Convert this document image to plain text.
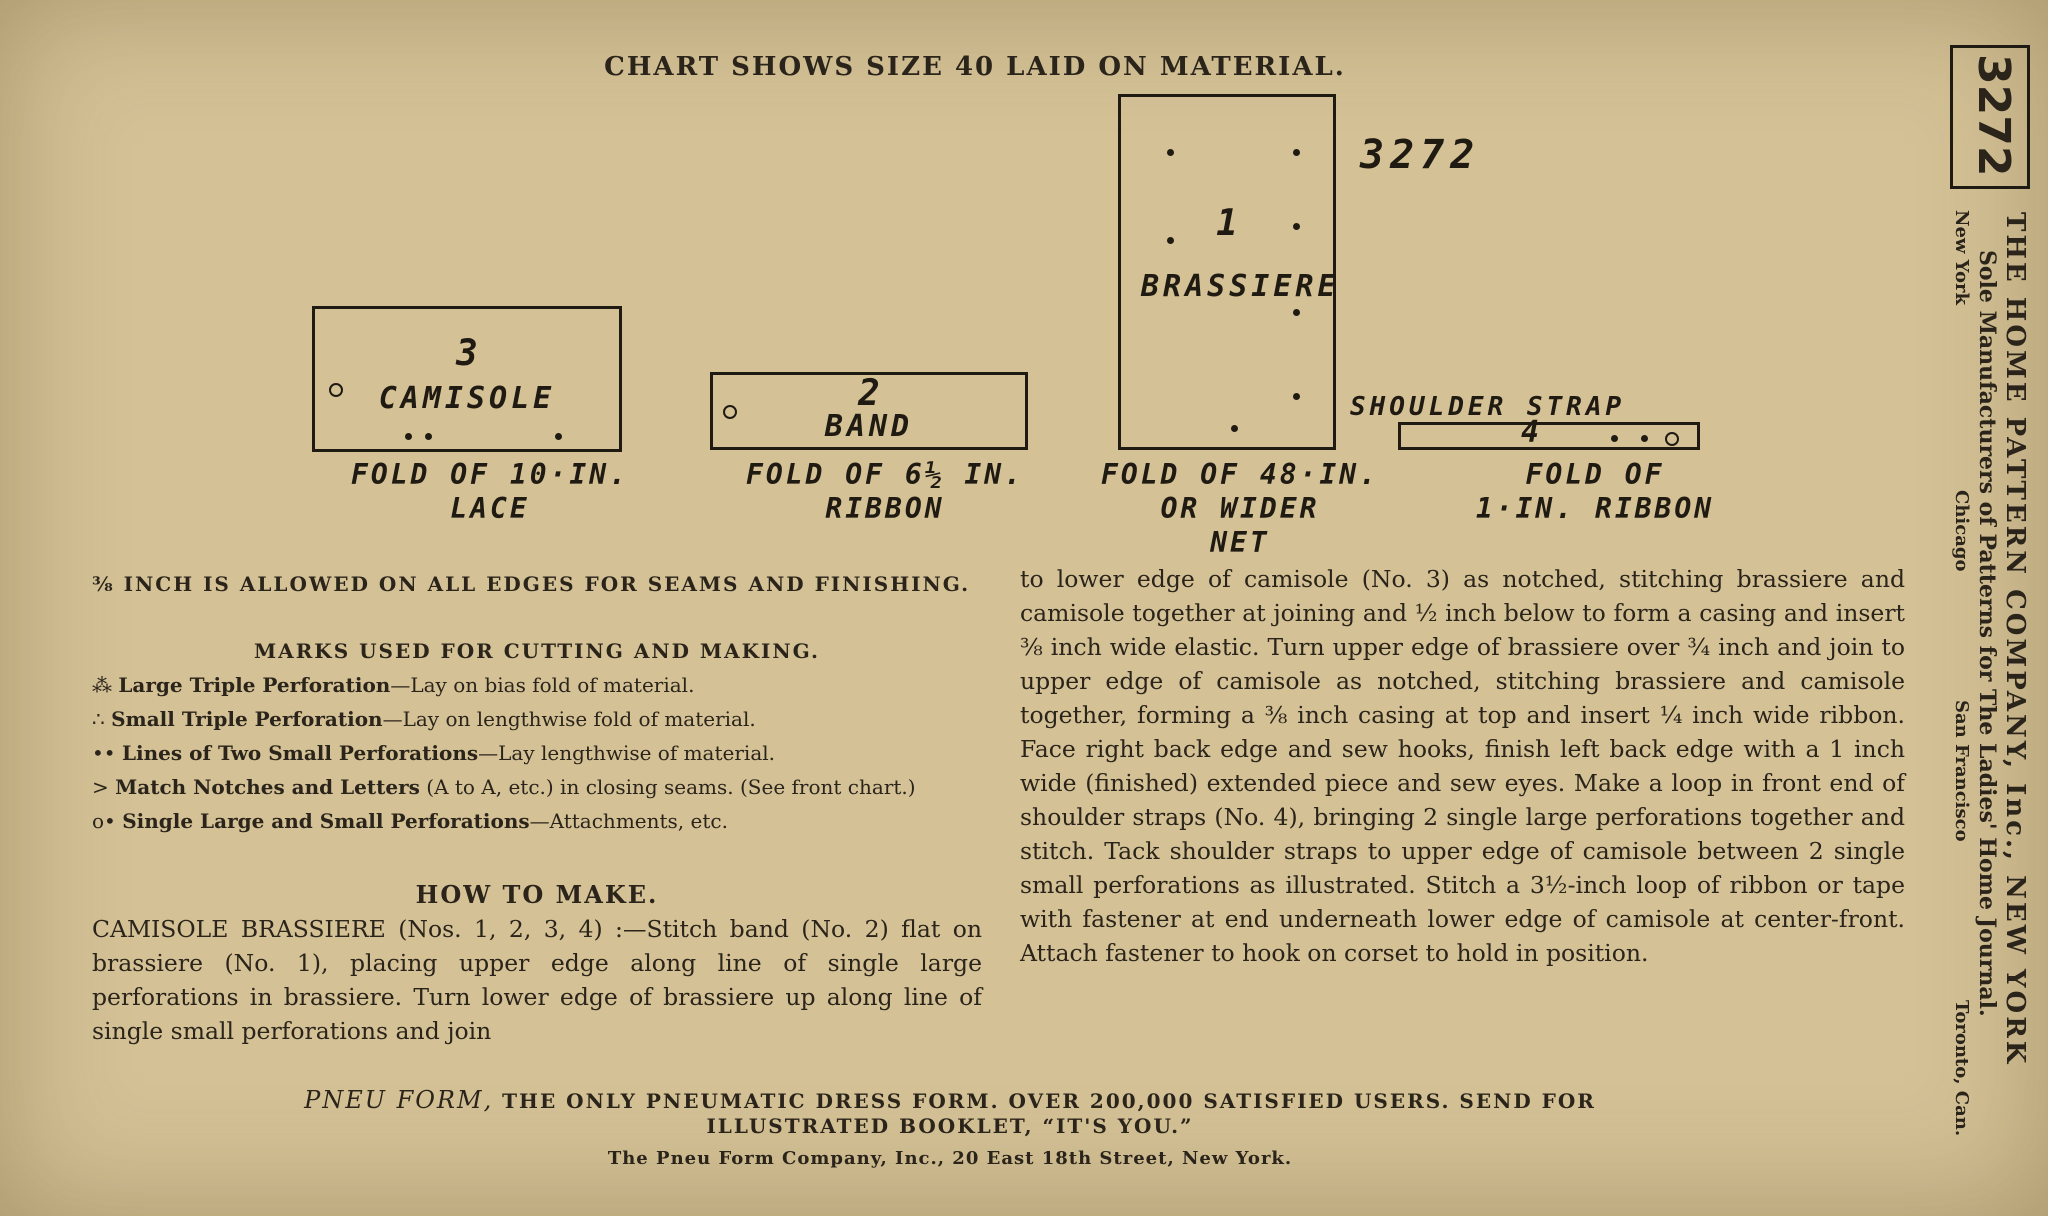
CHART SHOWS SIZE 40 LAID ON MATERIAL.
3272
3
CAMISOLE
FOLD OF 10·IN.
LACE
2
BAND
FOLD OF 6½ IN.
RIBBON
1
BRASSIERE
FOLD OF 48·IN.
OR WIDER
NET
SHOULDER STRAP
4
FOLD OF
1·IN. RIBBON
⅜ INCH IS ALLOWED ON ALL EDGES FOR SEAMS AND FINISHING.
MARKS USED FOR CUTTING AND MAKING.
⁂ Large Triple Perforation—Lay on bias fold of material.
∴ Small Triple Perforation—Lay on lengthwise fold of material.
•• Lines of Two Small Perforations—Lay lengthwise of material.
> Match Notches and Letters (A to A, etc.) in closing seams. (See front chart.)
o• Single Large and Small Perforations—Attachments, etc.
HOW TO MAKE.
CAMISOLE BRASSIERE (Nos. 1, 2, 3, 4) :—Stitch band (No. 2) flat on brassiere (No. 1), placing upper edge along line of single large perforations in brassiere. Turn lower edge of brassiere up along line of single small perforations and join
to lower edge of camisole (No. 3) as notched, stitching brassiere and camisole together at joining and ½ inch below to form a casing and insert ⅜ inch wide elastic. Turn upper edge of brassiere over ¾ inch and join to upper edge of camisole as notched, stitching brassiere and camisole together, forming a ⅜ inch casing at top and insert ¼ inch wide ribbon. Face right back edge and sew hooks, finish left back edge with a 1 inch wide (finished) extended piece and sew eyes. Make a loop in front end of shoulder straps (No. 4), bringing 2 single large perforations together and stitch. Tack shoulder straps to upper edge of camisole between 2 single small perforations as illustrated. Stitch a 3½-inch loop of ribbon or tape with fastener at end underneath lower edge of camisole at center-front. Attach fastener to hook on corset to hold in position.
PNEU FORM, THE ONLY PNEUMATIC DRESS FORM. OVER 200,000 SATISFIED USERS. SEND FOR
ILLUSTRATED BOOKLET, “IT'S YOU.”
The Pneu Form Company, Inc., 20 East 18th Street, New York.
3272
THE HOME PATTERN COMPANY, Inc., NEW YORK
Sole Manufacturers of Patterns for The Ladies' Home Journal.
New York
Chicago
San Francisco
Toronto, Can.
